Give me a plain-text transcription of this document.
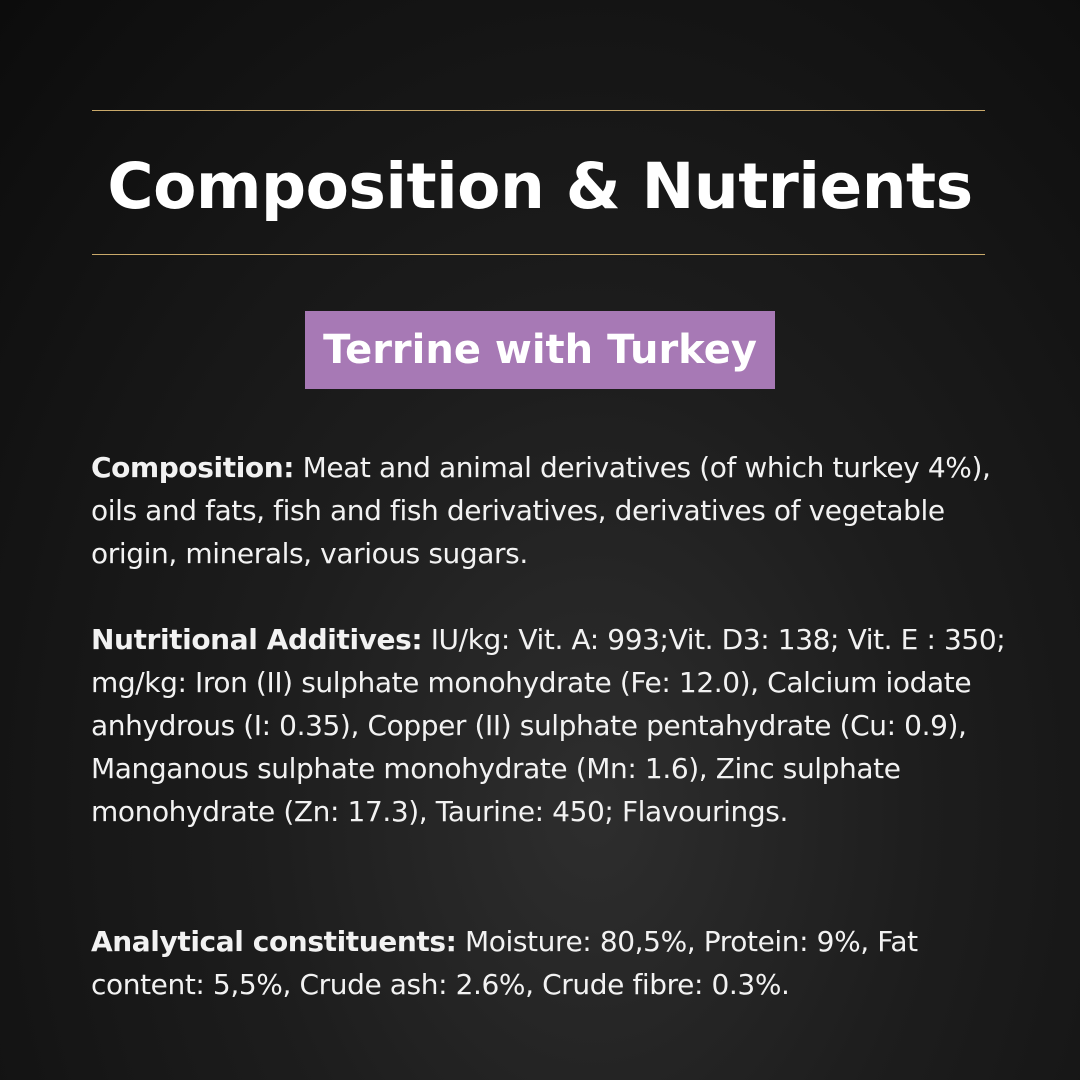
Composition & Nutrients
Terrine with Turkey
Composition: Meat and animal derivatives (of which turkey 4%), oils and fats, fish and fish derivatives, derivatives of vegetable origin, minerals, various sugars.
Nutritional Additives: IU/kg: Vit. A: 993;Vit. D3: 138; Vit. E : 350; mg/kg: Iron (II) sulphate monohydrate (Fe: 12.0), Calcium iodate anhydrous (I: 0.35), Copper (II) sulphate pentahydrate (Cu: 0.9), Manganous sulphate monohydrate (Mn: 1.6), Zinc sulphate monohydrate (Zn: 17.3), Taurine: 450; Flavourings.
Analytical constituents: Moisture: 80,5%, Protein: 9%, Fat content: 5,5%, Crude ash: 2.6%, Crude fibre: 0.3%.
